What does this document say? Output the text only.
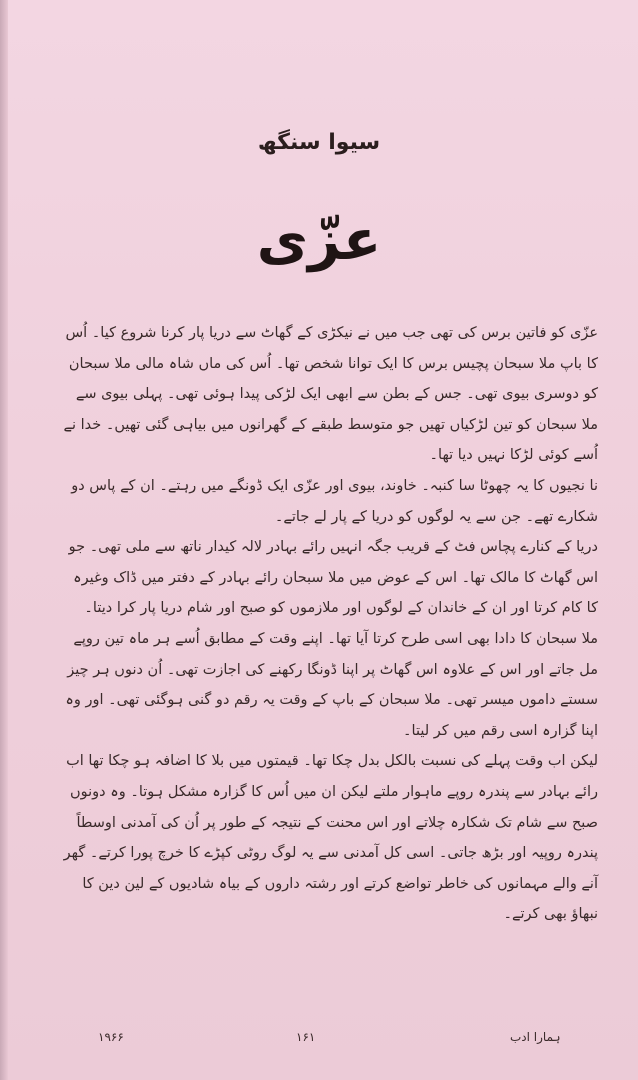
سیوا سنگھ
عزّی

عزّی کو فاتین برس کی تھی جب میں نے نیکڑی کے گھاٹ سے دریا پار کرنا شروع کیا۔ اُس کا باپ ملا سبحان پچیس برس کا ایک توانا شخص تھا۔ اُس کی ماں شاہ مالی ملا سبحان کو دوسری بیوی تھی۔ جس کے بطن سے ابھی ایک لڑکی پیدا ہوئی تھی۔ پہلی بیوی سے ملا سبحان کو تین لڑکیاں تھیں جو متوسط طبقے کے گھرانوں میں بیاہی گئی تھیں۔ خدا نے اُسے کوئی لڑکا نہیں دیا تھا۔

نا نجیوں کا یہ چھوٹا سا کنبہ۔ خاوند، بیوی اور عزّی ایک ڈونگے میں رہتے۔ ان کے پاس دو شکارے تھے۔ جن سے یہ لوگوں کو دریا کے پار لے جاتے۔

دریا کے کنارے پچاس فٹ کے قریب جگہ انہیں رائے بہادر لالہ کیدار ناتھ سے ملی تھی۔ جو اس گھاٹ کا مالک تھا۔ اس کے عوض میں ملا سبحان رائے بہادر کے دفتر میں ڈاک وغیرہ کا کام کرتا اور ان کے خاندان کے لوگوں اور ملازموں کو صبح اور شام دریا پار کرا دیتا۔

ملا سبحان کا دادا بھی اسی طرح کرتا آیا تھا۔ اپنے وقت کے مطابق اُسے ہر ماہ تین روپے مل جاتے اور اس کے علاوہ اس گھاٹ پر اپنا ڈونگا رکھنے کی اجازت تھی۔ اُن دنوں ہر چیز سستے داموں میسر تھی۔ ملا سبحان کے باپ کے وقت یہ رقم دو گنی ہوگئی تھی۔ اور وہ اپنا گزارہ اسی رقم میں کر لیتا۔

لیکن اب وقت پہلے کی نسبت بالکل بدل چکا تھا۔ قیمتوں میں بلا کا اضافہ ہو چکا تھا اب رائے بہادر سے پندرہ روپے ماہوار ملتے لیکن ان میں اُس کا گزارہ مشکل ہوتا۔ وہ دونوں صبح سے شام تک شکارہ چلاتے اور اس محنت کے نتیجہ کے طور پر اُن کی آمدنی اوسطاً پندرہ روپیہ اور بڑھ جاتی۔ اسی کل آمدنی سے یہ لوگ روٹی کپڑے کا خرچ پورا کرتے۔ گھر آنے والے مہمانوں کی خاطر تواضع کرتے اور رشتہ داروں کے بیاہ شادیوں کے لین دین کا نبھاؤ بھی کرتے۔

۱۹۶۶	۱۶۱	ہمارا ادب
